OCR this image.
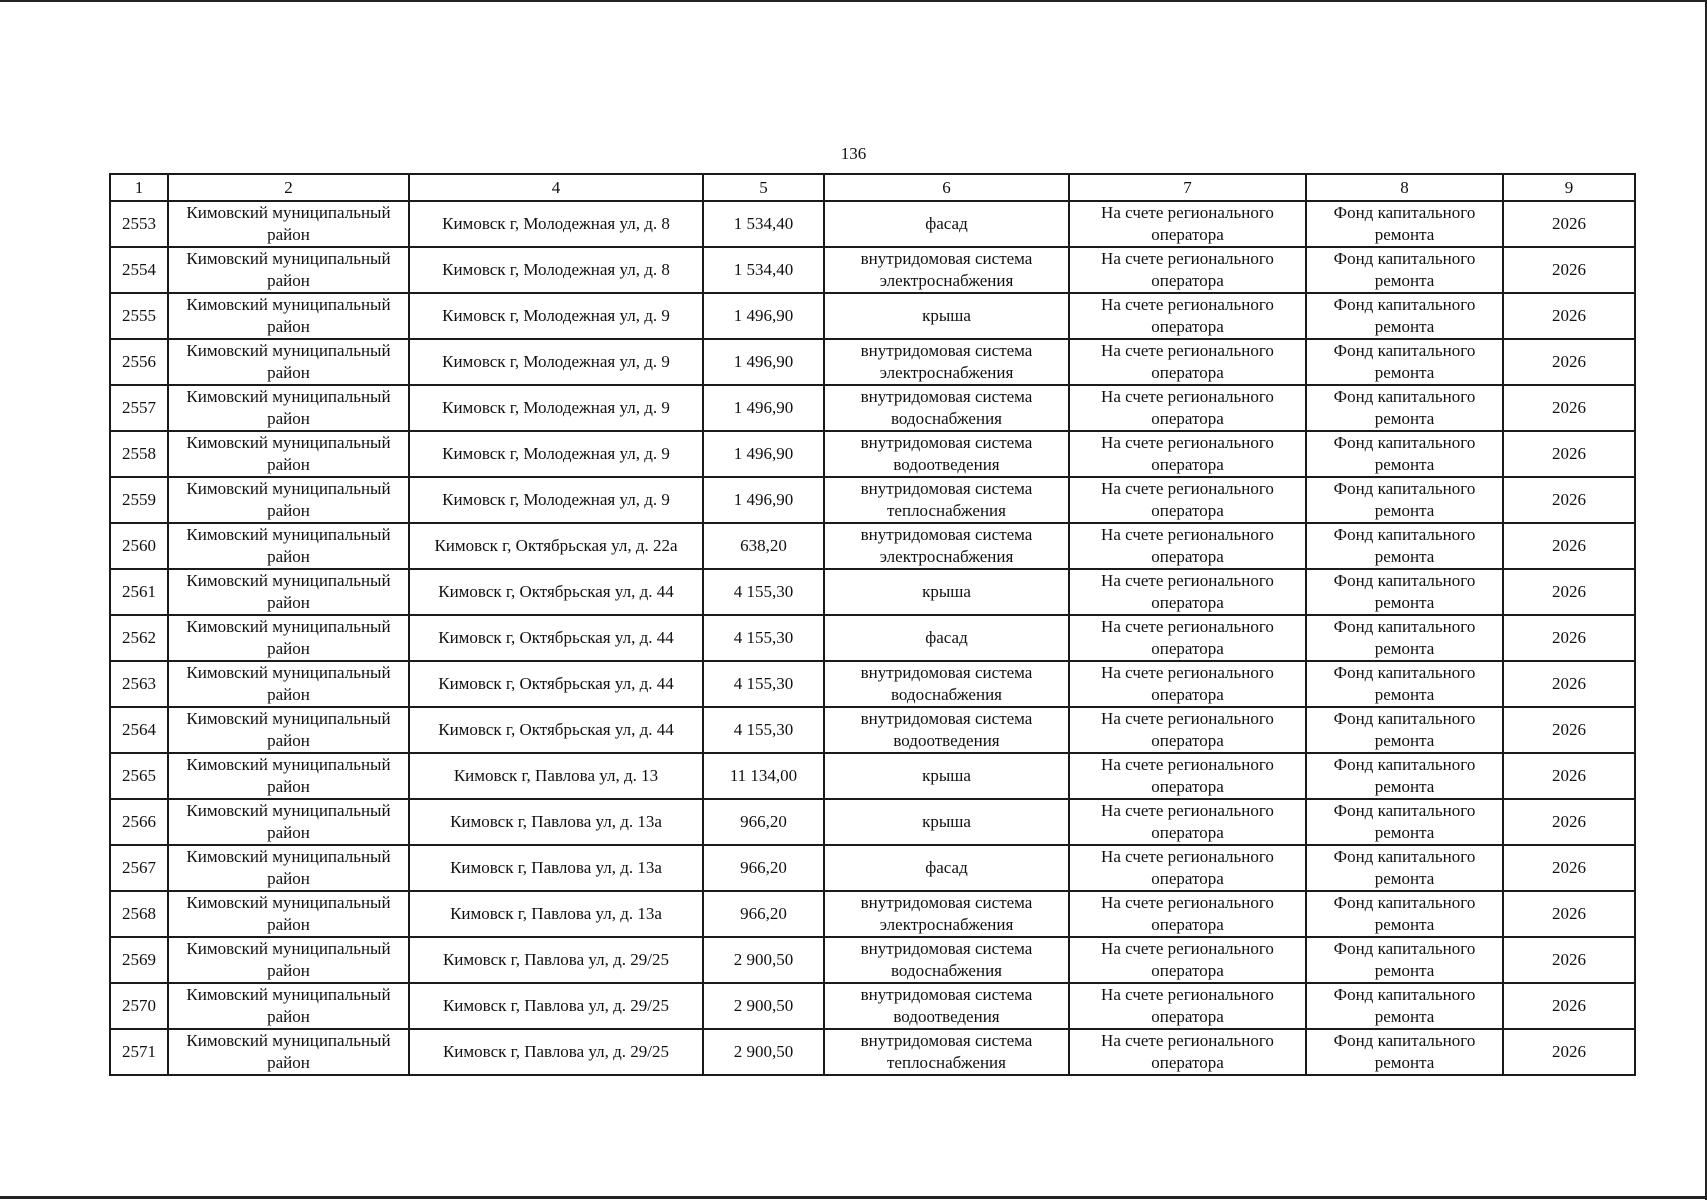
136
1	2	4	5	6	7	8	9
2553	Кимовский муниципальный район	Кимовск г, Молодежная ул, д. 8	1 534,40	фасад	На счете регионального оператора	Фонд капитального ремонта	2026
2554	Кимовский муниципальный район	Кимовск г, Молодежная ул, д. 8	1 534,40	внутридомовая система электроснабжения	На счете регионального оператора	Фонд капитального ремонта	2026
2555	Кимовский муниципальный район	Кимовск г, Молодежная ул, д. 9	1 496,90	крыша	На счете регионального оператора	Фонд капитального ремонта	2026
2556	Кимовский муниципальный район	Кимовск г, Молодежная ул, д. 9	1 496,90	внутридомовая система электроснабжения	На счете регионального оператора	Фонд капитального ремонта	2026
2557	Кимовский муниципальный район	Кимовск г, Молодежная ул, д. 9	1 496,90	внутридомовая система водоснабжения	На счете регионального оператора	Фонд капитального ремонта	2026
2558	Кимовский муниципальный район	Кимовск г, Молодежная ул, д. 9	1 496,90	внутридомовая система водоотведения	На счете регионального оператора	Фонд капитального ремонта	2026
2559	Кимовский муниципальный район	Кимовск г, Молодежная ул, д. 9	1 496,90	внутридомовая система теплоснабжения	На счете регионального оператора	Фонд капитального ремонта	2026
2560	Кимовский муниципальный район	Кимовск г, Октябрьская ул, д. 22а	638,20	внутридомовая система электроснабжения	На счете регионального оператора	Фонд капитального ремонта	2026
2561	Кимовский муниципальный район	Кимовск г, Октябрьская ул, д. 44	4 155,30	крыша	На счете регионального оператора	Фонд капитального ремонта	2026
2562	Кимовский муниципальный район	Кимовск г, Октябрьская ул, д. 44	4 155,30	фасад	На счете регионального оператора	Фонд капитального ремонта	2026
2563	Кимовский муниципальный район	Кимовск г, Октябрьская ул, д. 44	4 155,30	внутридомовая система водоснабжения	На счете регионального оператора	Фонд капитального ремонта	2026
2564	Кимовский муниципальный район	Кимовск г, Октябрьская ул, д. 44	4 155,30	внутридомовая система водоотведения	На счете регионального оператора	Фонд капитального ремонта	2026
2565	Кимовский муниципальный район	Кимовск г, Павлова ул, д. 13	11 134,00	крыша	На счете регионального оператора	Фонд капитального ремонта	2026
2566	Кимовский муниципальный район	Кимовск г, Павлова ул, д. 13а	966,20	крыша	На счете регионального оператора	Фонд капитального ремонта	2026
2567	Кимовский муниципальный район	Кимовск г, Павлова ул, д. 13а	966,20	фасад	На счете регионального оператора	Фонд капитального ремонта	2026
2568	Кимовский муниципальный район	Кимовск г, Павлова ул, д. 13а	966,20	внутридомовая система электроснабжения	На счете регионального оператора	Фонд капитального ремонта	2026
2569	Кимовский муниципальный район	Кимовск г, Павлова ул, д. 29/25	2 900,50	внутридомовая система водоснабжения	На счете регионального оператора	Фонд капитального ремонта	2026
2570	Кимовский муниципальный район	Кимовск г, Павлова ул, д. 29/25	2 900,50	внутридомовая система водоотведения	На счете регионального оператора	Фонд капитального ремонта	2026
2571	Кимовский муниципальный район	Кимовск г, Павлова ул, д. 29/25	2 900,50	внутридомовая система теплоснабжения	На счете регионального оператора	Фонд капитального ремонта	2026
